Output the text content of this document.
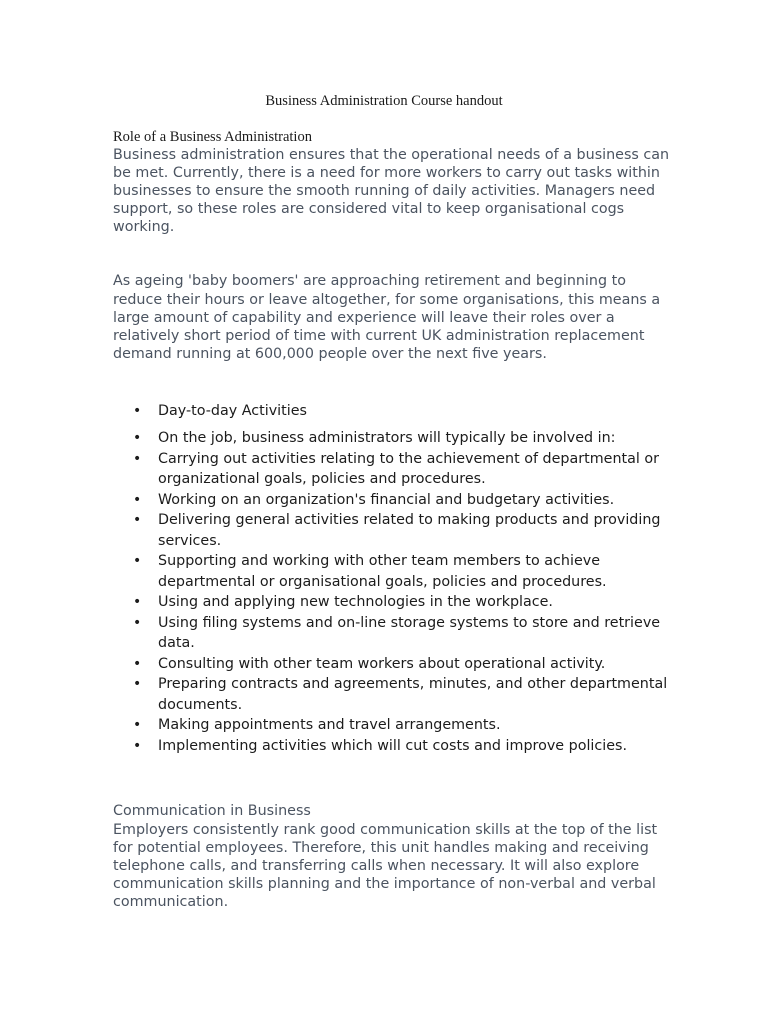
Business Administration Course handout

Role of a Business Administration

Business administration ensures that the operational needs of a business can be met. Currently, there is a need for more workers to carry out tasks within businesses to ensure the smooth running of daily activities. Managers need support, so these roles are considered vital to keep organisational cogs working.

As ageing 'baby boomers' are approaching retirement and beginning to reduce their hours or leave altogether, for some organisations, this means a large amount of capability and experience will leave their roles over a relatively short period of time with current UK administration replacement demand running at 600,000 people over the next five years.

• Day-to-day Activities
• On the job, business administrators will typically be involved in:
• Carrying out activities relating to the achievement of departmental or organizational goals, policies and procedures.
• Working on an organization's financial and budgetary activities.
• Delivering general activities related to making products and providing services.
• Supporting and working with other team members to achieve departmental or organisational goals, policies and procedures.
• Using and applying new technologies in the workplace.
• Using filing systems and on-line storage systems to store and retrieve data.
• Consulting with other team workers about operational activity.
• Preparing contracts and agreements, minutes, and other departmental documents.
• Making appointments and travel arrangements.
• Implementing activities which will cut costs and improve policies.

Communication in Business

Employers consistently rank good communication skills at the top of the list for potential employees. Therefore, this unit handles making and receiving telephone calls, and transferring calls when necessary. It will also explore communication skills planning and the importance of non-verbal and verbal communication.
